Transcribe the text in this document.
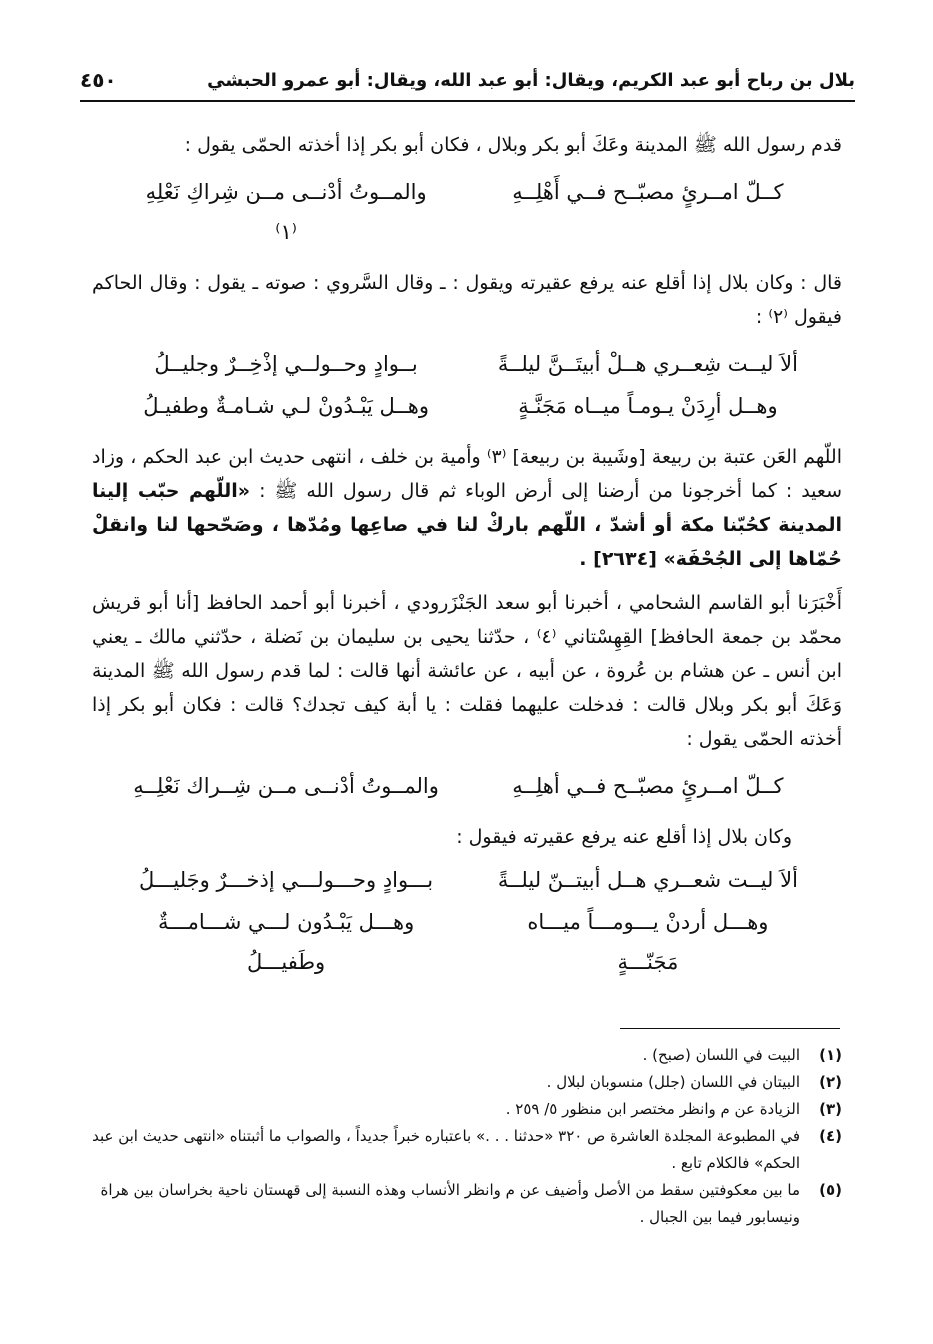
بلال بن رباح أبو عبد الكريم، ويقال: أبو عبد الله، ويقال: أبو عمرو الحبشي
٤٥٠

قدم رسول الله ﷺ المدينة وعَكَ أبو بكر وبلال ، فكان أبو بكر إذا أخذته الحمّى يقول :

كــلّ امــرئٍ مصبّــح فــي أَهْلِــهِ
والمــوتُ أدْنــى مــن شِراكِ نَعْلِهِ ⁽١⁾

قال : وكان بلال إذا أقلع عنه يرفع عقيرته ويقول : ـ وقال السَّروي : صوته ـ يقول : وقال الحاكم فيقول ⁽٢⁾ :

ألاَ ليــت شِعــري هــلْ أبيتَــنَّ ليلــةً
بــوادٍ وحــولــي إذْخِــرٌ وجليــلُ
وهــل أرِدَنْ يـومـاً ميــاه مَجَنَّـةٍ
وهــل يَبْـدُونْ لـي شـامـةٌ وطفيـلُ

اللّهم العَن عتبة بن ربيعة [وشَيبة بن ربيعة] ⁽٣⁾ وأمية بن خلف ، انتهى حديث ابن عبد الحكم ، وزاد سعيد : كما أخرجونا من أرضنا إلى أرض الوباء ثم قال رسول الله ﷺ : «اللّهم حبّب إلينا المدينة كحُبّنا مكة أو أشدّ ، اللّهم باركْ لنا في صاعِها ومُدّها ، وصَحّحها لنا وانقلْ حُمّاها إلى الجُحْفَة» [٢٦٣٤] .

أَخْبَرَنا أبو القاسم الشحامي ، أخبرنا أبو سعد الجَنْزَرودي ، أخبرنا أبو أحمد الحافظ [أنا أبو قريش محمّد بن جمعة الحافظ] القِهِسْتاني ⁽٤⁾ ، حدّثنا يحيى بن سليمان بن نَضلة ، حدّثني مالك ـ يعني ابن أنس ـ عن هشام بن عُروة ، عن أبيه ، عن عائشة أنها قالت : لما قدم رسول الله ﷺ المدينة وَعَكَ أبو بكر وبلال قالت : فدخلت عليهما فقلت : يا أبة كيف تجدك؟ قالت : فكان أبو بكر إذا أخذته الحمّى يقول :

كــلّ امــرئٍ مصبّــح فــي أهلِــهِ
والمــوتُ أدْنــى مــن شِــراك نَعْلِــهِ

وكان بلال إذا أقلع عنه يرفع عقيرته فيقول :

ألاَ ليــت شعــري هــل أبيتــنّ ليلــةً
بـــوادٍ وحـــولـــي إذخـــرٌ وجَليـــلُ
وهـــل أردنْ يـــومـــاً ميـــاه مَجَنّـــةٍ
وهـــل يَبْـدُون لـــي شـــامـــةٌ وطَفيـــلُ
(١)
البيت في اللسان (صبح) .
(٢)
البيتان في اللسان (جلل) منسوبان لبلال .
(٣)
الزيادة عن م وانظر مختصر ابن منظور ٥/ ٢٥٩ .
(٤)
في المطبوعة المجلدة العاشرة ص ٣٢٠ «حدثنا . . .» باعتباره خبراً جديداً ، والصواب ما أثبتناه «انتهى حديث ابن عبد الحكم» فالكلام تابع .
(٥)
ما بين معكوفتين سقط من الأصل وأضيف عن م وانظر الأنساب وهذه النسبة إلى قهستان ناحية بخراسان بين هراة ونيسابور فيما بين الجبال .
